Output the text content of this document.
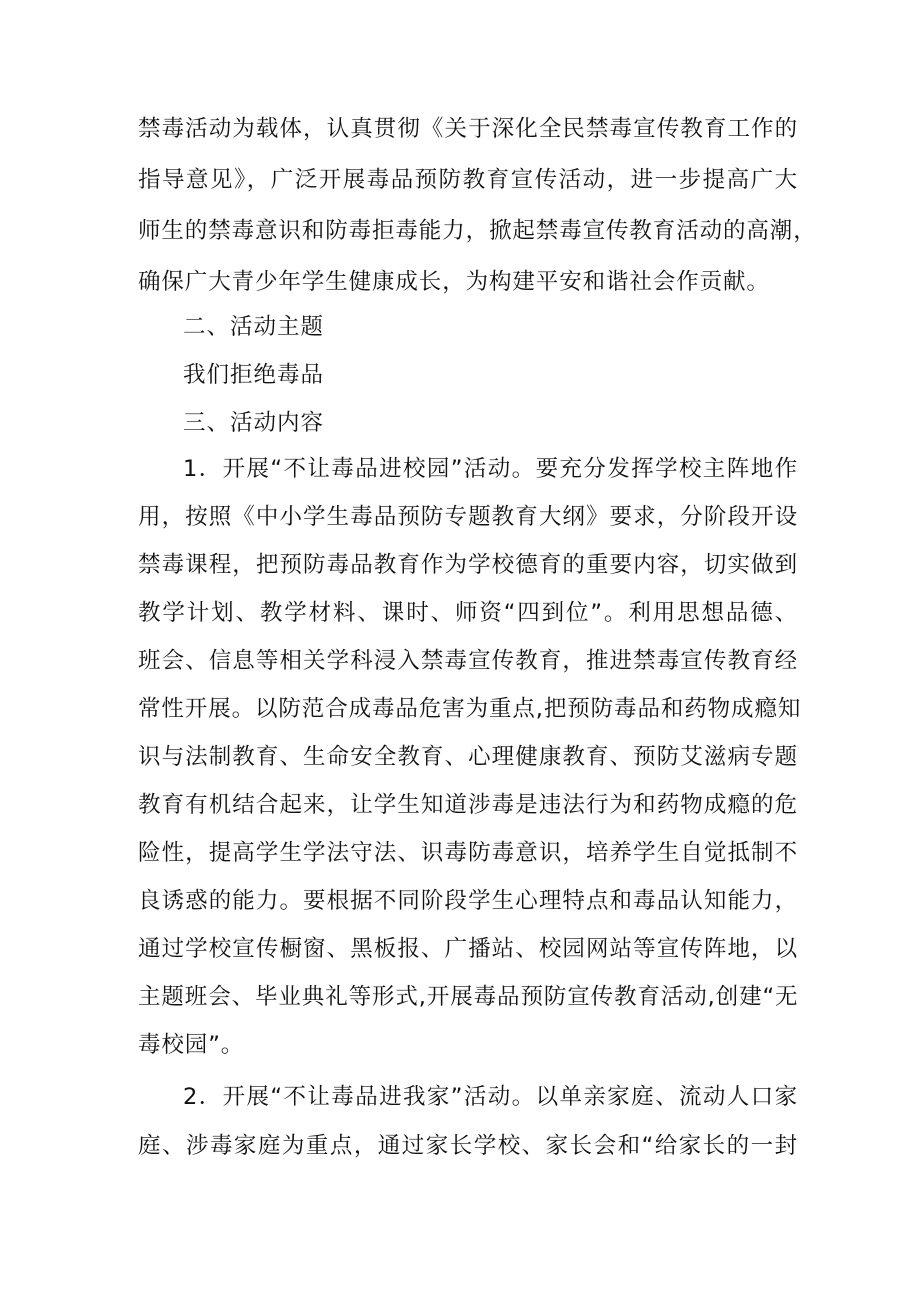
禁毒活动为载体，认真贯彻《关于深化全民禁毒宣传教育工作的
指导意见》，广泛开展毒品预防教育宣传活动，进一步提高广大
师生的禁毒意识和防毒拒毒能力，掀起禁毒宣传教育活动的高潮，
确保广大青少年学生健康成长，为构建平安和谐社会作贡献。
二、活动主题
我们拒绝毒品
三、活动内容
1．开展“不让毒品进校园”活动。要充分发挥学校主阵地作
用，按照《中小学生毒品预防专题教育大纲》要求，分阶段开设
禁毒课程，把预防毒品教育作为学校德育的重要内容，切实做到
教学计划、教学材料、课时、师资“四到位”。利用思想品德、
班会、信息等相关学科浸入禁毒宣传教育，推进禁毒宣传教育经
常性开展。以防范合成毒品危害为重点,把预防毒品和药物成瘾知
识与法制教育、生命安全教育、心理健康教育、预防艾滋病专题
教育有机结合起来，让学生知道涉毒是违法行为和药物成瘾的危
险性，提高学生学法守法、识毒防毒意识，培养学生自觉抵制不
良诱惑的能力。要根据不同阶段学生心理特点和毒品认知能力，
通过学校宣传橱窗、黑板报、广播站、校园网站等宣传阵地，以
主题班会、毕业典礼等形式,开展毒品预防宣传教育活动,创建“无
毒校园”。
2．开展“不让毒品进我家”活动。以单亲家庭、流动人口家
庭、涉毒家庭为重点，通过家长学校、家长会和“给家长的一封
